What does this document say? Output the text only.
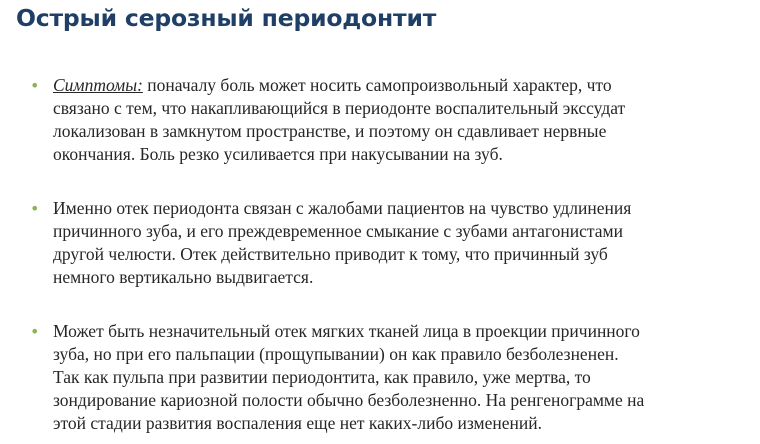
Острый серозный периодонтит
• Симптомы: поначалу боль может носить самопроизвольный характер, что
связано с тем, что накапливающийся в периодонте воспалительный экссудат
локализован в замкнутом пространстве, и поэтому он сдавливает нервные
окончания. Боль резко усиливается при накусывании на зуб.
• Именно отек периодонта связан с жалобами пациентов на чувство удлинения
причинного зуба, и его преждевременное смыкание с зубами антагонистами
другой челюсти. Отек действительно приводит к тому, что причинный зуб
немного вертикально выдвигается.
• Может быть незначительный отек мягких тканей лица в проекции причинного
зуба, но при его пальпации (прощупывании) он как правило безболезненен.
Так как пульпа при развитии периодонтита, как правило, уже мертва, то
зондирование кариозной полости обычно безболезненно. На ренгенограмме на
этой стадии развития воспаления еще нет каких-либо изменений.
